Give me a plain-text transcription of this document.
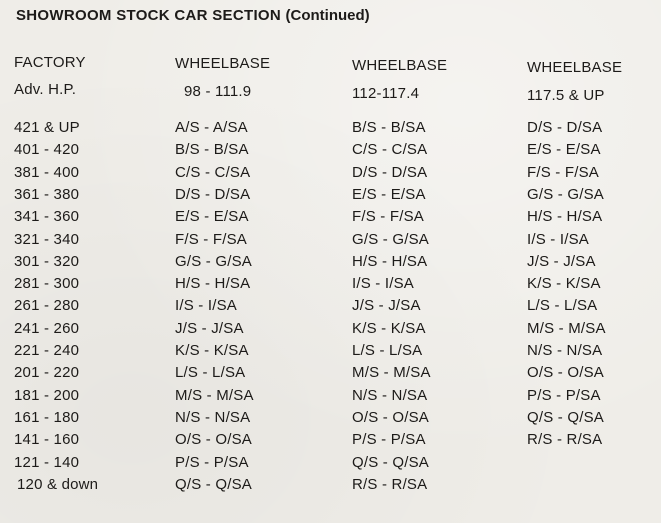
SHOWROOM STOCK CAR SECTION (Continued)
FACTORY	WHEELBASE	WHEELBASE	WHEELBASE
Adv. H.P.	98 - 111.9	112-117.4	117.5 & UP
421 & UP	A/S - A/SA	B/S - B/SA	D/S - D/SA
401 - 420	B/S - B/SA	C/S - C/SA	E/S - E/SA
381 - 400	C/S - C/SA	D/S - D/SA	F/S - F/SA
361 - 380	D/S - D/SA	E/S - E/SA	G/S - G/SA
341 - 360	E/S - E/SA	F/S - F/SA	H/S - H/SA
321 - 340	F/S - F/SA	G/S - G/SA	I/S - I/SA
301 - 320	G/S - G/SA	H/S - H/SA	J/S - J/SA
281 - 300	H/S - H/SA	I/S - I/SA	K/S - K/SA
261 - 280	I/S - I/SA	J/S - J/SA	L/S - L/SA
241 - 260	J/S - J/SA	K/S - K/SA	M/S - M/SA
221 - 240	K/S - K/SA	L/S - L/SA	N/S - N/SA
201 - 220	L/S - L/SA	M/S - M/SA	O/S - O/SA
181 - 200	M/S - M/SA	N/S - N/SA	P/S - P/SA
161 - 180	N/S - N/SA	O/S - O/SA	Q/S - Q/SA
141 - 160	O/S - O/SA	P/S - P/SA	R/S - R/SA
121 - 140	P/S - P/SA	Q/S - Q/SA
120 & down	Q/S - Q/SA	R/S - R/SA
